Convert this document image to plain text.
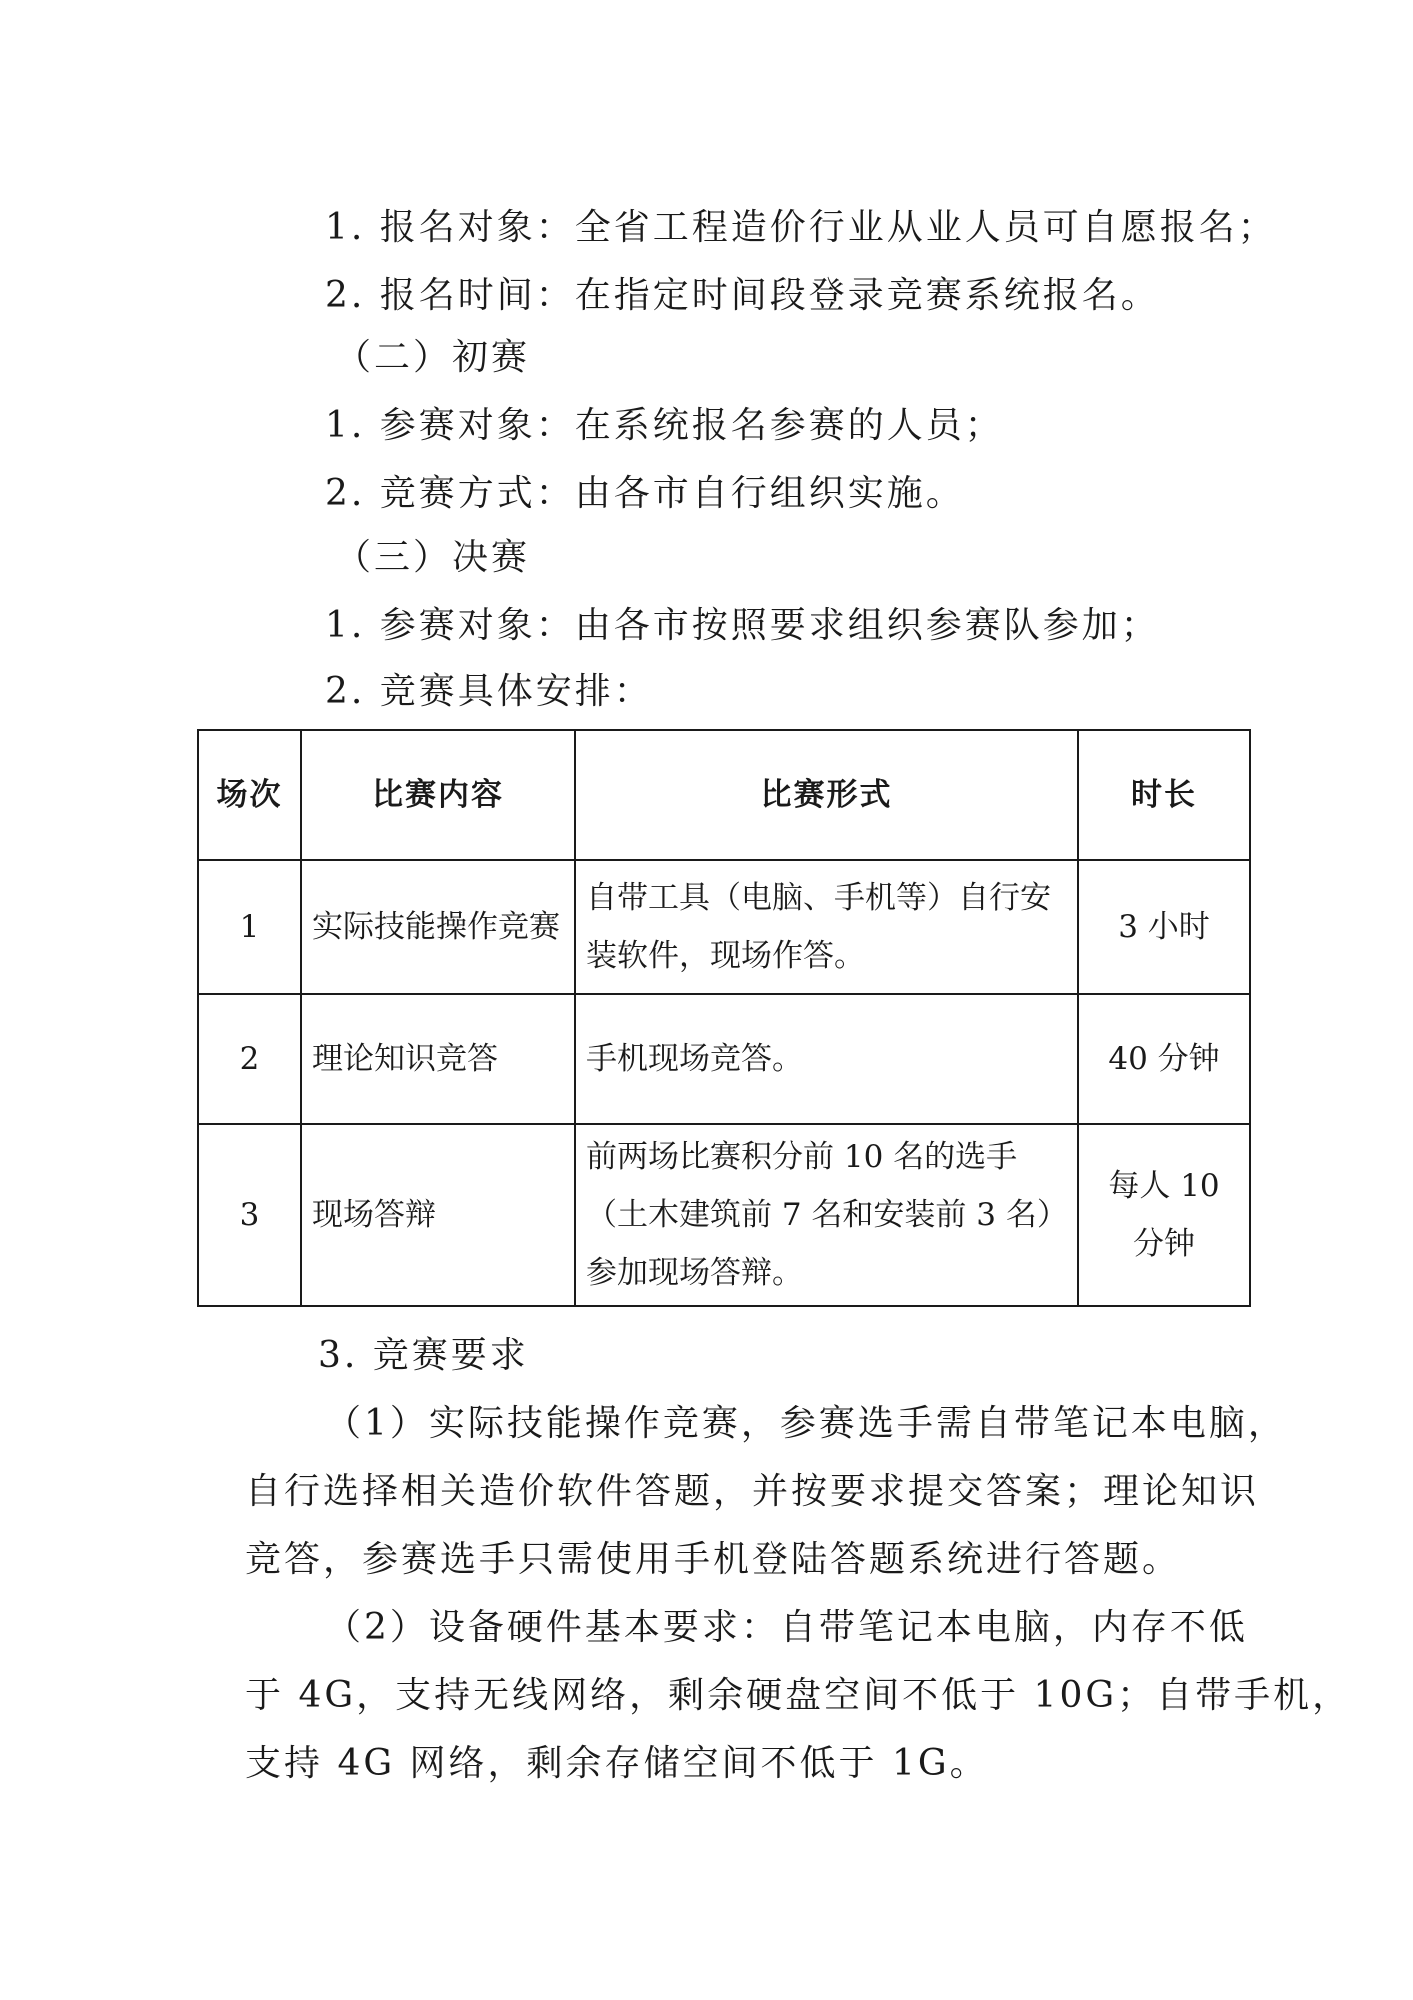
1. 报名对象：全省工程造价行业从业人员可自愿报名；
2. 报名时间：在指定时间段登录竞赛系统报名。
（二）初赛
1. 参赛对象：在系统报名参赛的人员；
2. 竞赛方式：由各市自行组织实施。
（三）决赛
1. 参赛对象：由各市按照要求组织参赛队参加；
2. 竞赛具体安排：
场次	比赛内容	比赛形式	时长
1	实际技能操作竞赛	自带工具（电脑、手机等）自行安装软件，现场作答。	3 小时
2	理论知识竞答	手机现场竞答。	40 分钟
3	现场答辩	前两场比赛积分前 10 名的选手（土木建筑前 7 名和安装前 3 名）参加现场答辩。	每人 10 分钟
3. 竞赛要求
（1）实际技能操作竞赛，参赛选手需自带笔记本电脑，
自行选择相关造价软件答题，并按要求提交答案；理论知识
竞答，参赛选手只需使用手机登陆答题系统进行答题。
（2）设备硬件基本要求：自带笔记本电脑，内存不低
于 4G，支持无线网络，剩余硬盘空间不低于 10G；自带手机，
支持 4G 网络，剩余存储空间不低于 1G。
